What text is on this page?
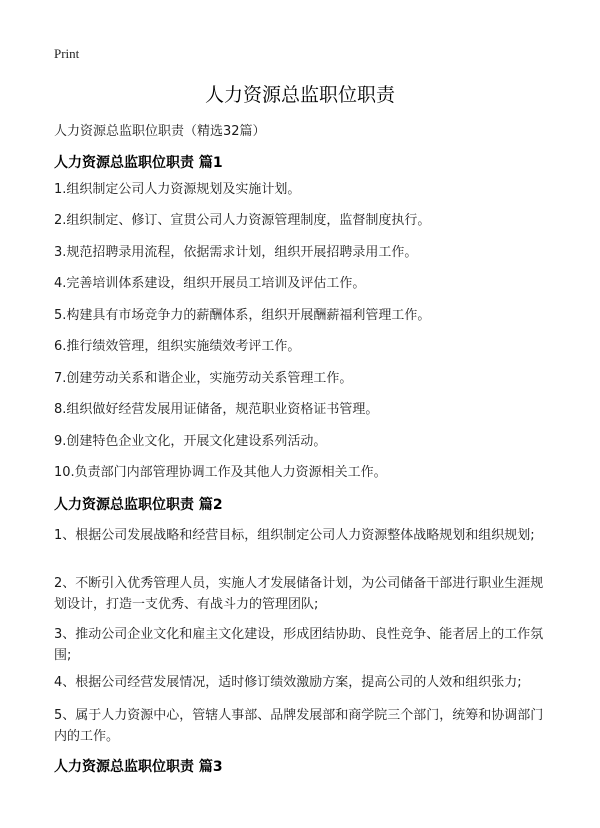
Print
人力资源总监职位职责
人力资源总监职位职责（精选32篇）
人力资源总监职位职责 篇1
1.组织制定公司人力资源规划及实施计划。
2.组织制定、修订、宣贯公司人力资源管理制度，监督制度执行。
3.规范招聘录用流程，依据需求计划，组织开展招聘录用工作。
4.完善培训体系建设，组织开展员工培训及评估工作。
5.构建具有市场竞争力的薪酬体系，组织开展酬薪福利管理工作。
6.推行绩效管理，组织实施绩效考评工作。
7.创建劳动关系和谐企业，实施劳动关系管理工作。
8.组织做好经营发展用证储备，规范职业资格证书管理。
9.创建特色企业文化，开展文化建设系列活动。
10.负责部门内部管理协调工作及其他人力资源相关工作。
人力资源总监职位职责 篇2
1、根据公司发展战略和经营目标，组织制定公司人力资源整体战略规划和组织规划;
2、不断引入优秀管理人员，实施人才发展储备计划，为公司储备干部进行职业生涯规划设计，打造一支优秀、有战斗力的管理团队;
3、推动公司企业文化和雇主文化建设，形成团结协助、良性竞争、能者居上的工作氛围;
4、根据公司经营发展情况，适时修订绩效激励方案，提高公司的人效和组织张力;
5、属于人力资源中心，管辖人事部、品牌发展部和商学院三个部门，统筹和协调部门内的工作。
人力资源总监职位职责 篇3
